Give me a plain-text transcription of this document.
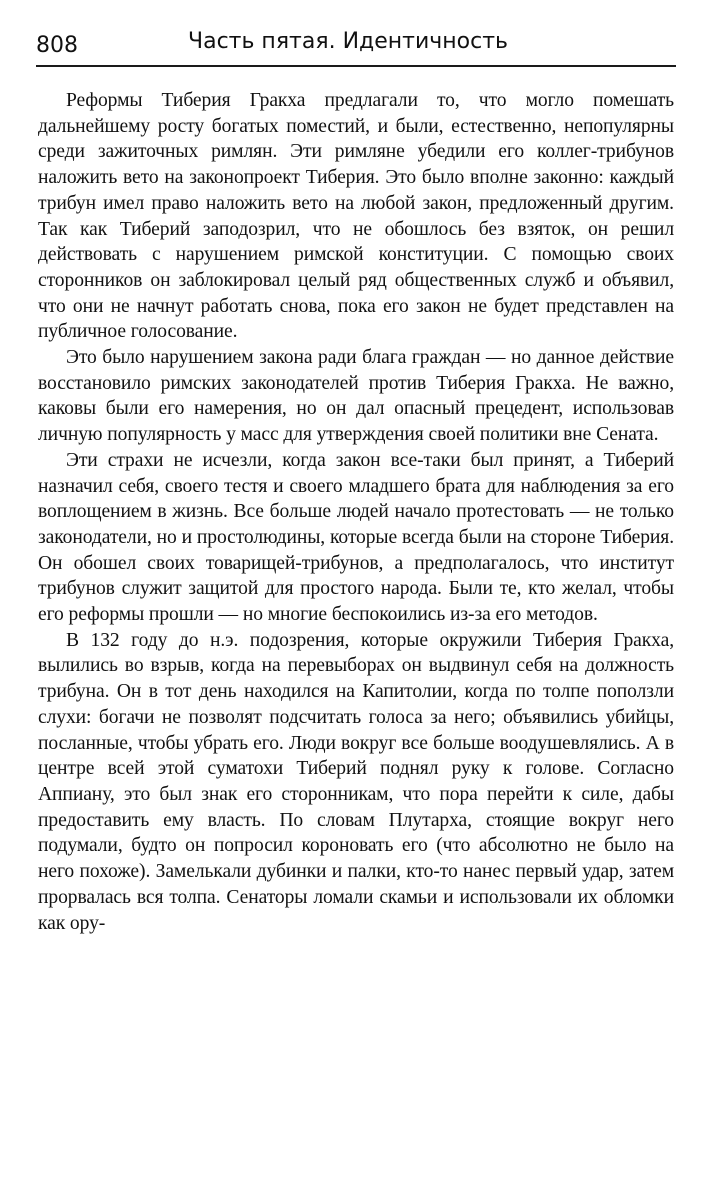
808	Часть пятая. Идентичность

Реформы Тиберия Гракха предлагали то, что могло помешать дальнейшему росту богатых поместий, и были, естественно, непопулярны среди зажиточных римлян. Эти римляне убедили его коллег-трибунов наложить вето на законопроект Тиберия. Это было вполне законно: каждый трибун имел право наложить вето на любой закон, предложенный другим. Так как Тиберий заподозрил, что не обошлось без взяток, он решил действовать с нарушением римской конституции. С помощью своих сторонников он заблокировал целый ряд общественных служб и объявил, что они не начнут работать снова, пока его закон не будет представлен на публичное голосование.

Это было нарушением закона ради блага граждан — но данное действие восстановило римских законодателей против Тиберия Гракха. Не важно, каковы были его намерения, но он дал опасный прецедент, использовав личную популярность у масс для утверждения своей политики вне Сената.

Эти страхи не исчезли, когда закон все-таки был принят, а Тиберий назначил себя, своего тестя и своего младшего брата для наблюдения за его воплощением в жизнь. Все больше людей начало протестовать — не только законодатели, но и простолюдины, которые всегда были на стороне Тиберия. Он обошел своих товарищей-трибунов, а предполагалось, что институт трибунов служит защитой для простого народа. Были те, кто желал, чтобы его реформы прошли — но многие беспокоились из-за его методов.

В 132 году до н.э. подозрения, которые окружили Тиберия Гракха, вылились во взрыв, когда на перевыборах он выдвинул себя на должность трибуна. Он в тот день находился на Капитолии, когда по толпе поползли слухи: богачи не позволят подсчитать голоса за него; объявились убийцы, посланные, чтобы убрать его. Люди вокруг все больше воодушевлялись. А в центре всей этой суматохи Тиберий поднял руку к голове. Согласно Аппиану, это был знак его сторонникам, что пора перейти к силе, дабы предоставить ему власть. По словам Плутарха, стоящие вокруг него подумали, будто он попросил короновать его (что абсолютно не было на него похоже). Замелькали дубинки и палки, кто-то нанес первый удар, затем прорвалась вся толпа. Сенаторы ломали скамьи и использовали их обломки как ору-
